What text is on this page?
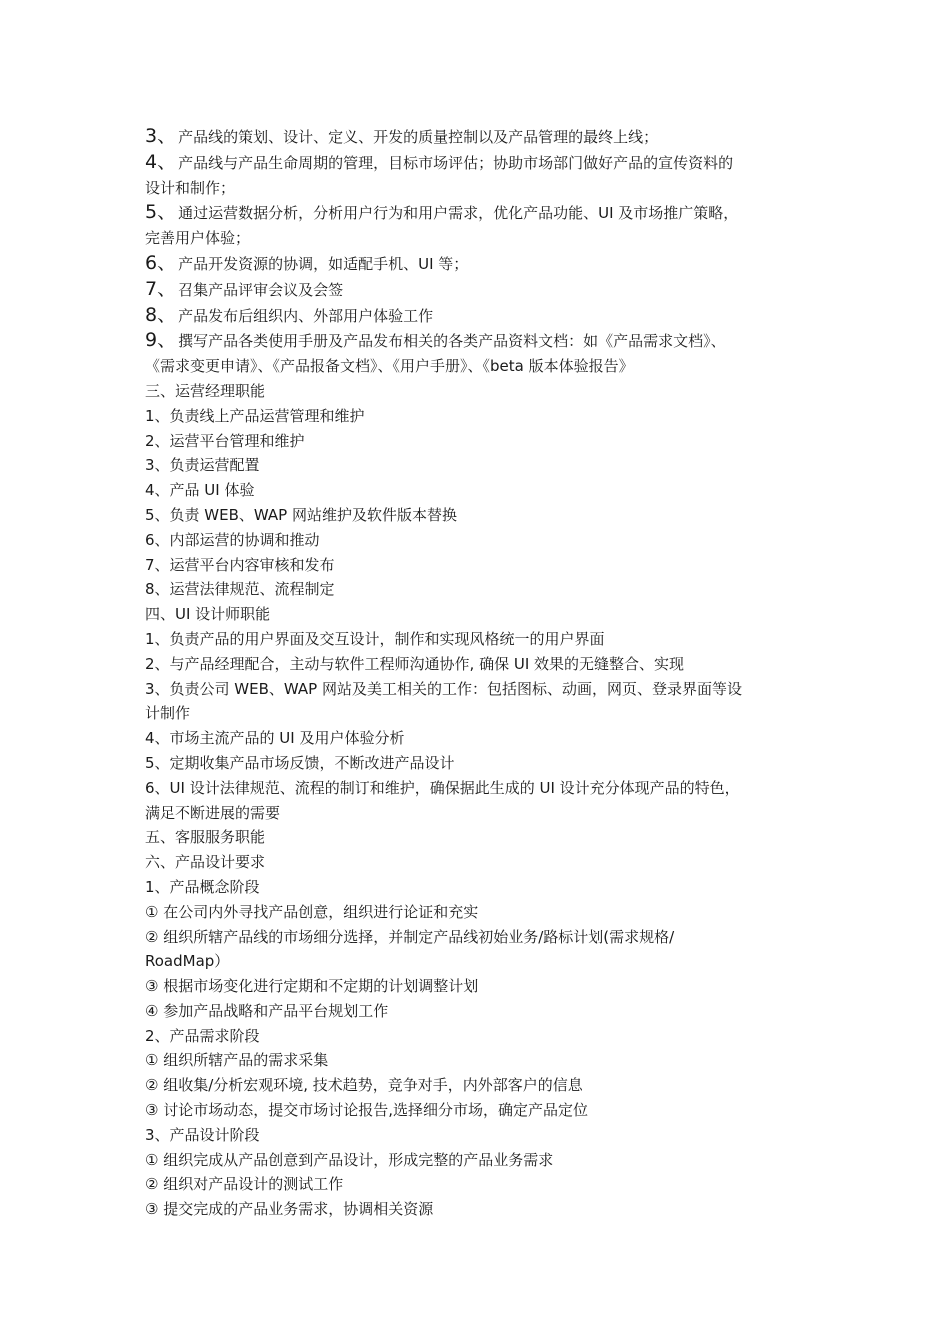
3、 产品线的策划、设计、定义、开发的质量控制以及产品管理的最终上线；
4、 产品线与产品生命周期的管理，目标市场评估；协助市场部门做好产品的宣传资料的

设计和制作；

5、 通过运营数据分析，分析用户行为和用户需求，优化产品功能、UI 及市场推广策略，

完善用户体验；

6、 产品开发资源的协调，如适配手机、UI 等；
7、 召集产品评审会议及会签
8、 产品发布后组织内、外部用户体验工作
9、 撰写产品各类使用手册及产品发布相关的各类产品资料文档：如《产品需求文档》、

《需求变更申请》、《产品报备文档》、《用户手册》、《beta 版本体验报告》

三、运营经理职能

1、负责线上产品运营管理和维护

2、运营平台管理和维护

3、负责运营配置

4、产品 UI 体验

5、负责 WEB、WAP 网站维护及软件版本替换

6、内部运营的协调和推动

7、运营平台内容审核和发布

8、运营法律规范、流程制定

四、UI 设计师职能

1、负责产品的用户界面及交互设计，制作和实现风格统一的用户界面

2、与产品经理配合，主动与软件工程师沟通协作, 确保 UI 效果的无缝整合、实现

3、负责公司 WEB、WAP 网站及美工相关的工作：包括图标、动画，网页、登录界面等设

计制作

4、市场主流产品的 UI 及用户体验分析

5、定期收集产品市场反馈，不断改进产品设计

6、UI 设计法律规范、流程的制订和维护，确保据此生成的 UI 设计充分体现产品的特色，

满足不断进展的需要

五、客服服务职能

六、产品设计要求

1、产品概念阶段

① 在公司内外寻找产品创意，组织进行论证和充实

② 组织所辖产品线的市场细分选择，并制定产品线初始业务/路标计划(需求规格/

RoadMap）

③ 根据市场变化进行定期和不定期的计划调整计划

④ 参加产品战略和产品平台规划工作

2、产品需求阶段

① 组织所辖产品的需求采集

② 组收集/分析宏观环境, 技术趋势，竞争对手，内外部客户的信息

③ 讨论市场动态，提交市场讨论报告,选择细分市场，确定产品定位

3、产品设计阶段

① 组织完成从产品创意到产品设计，形成完整的产品业务需求

② 组织对产品设计的测试工作

③ 提交完成的产品业务需求，协调相关资源
